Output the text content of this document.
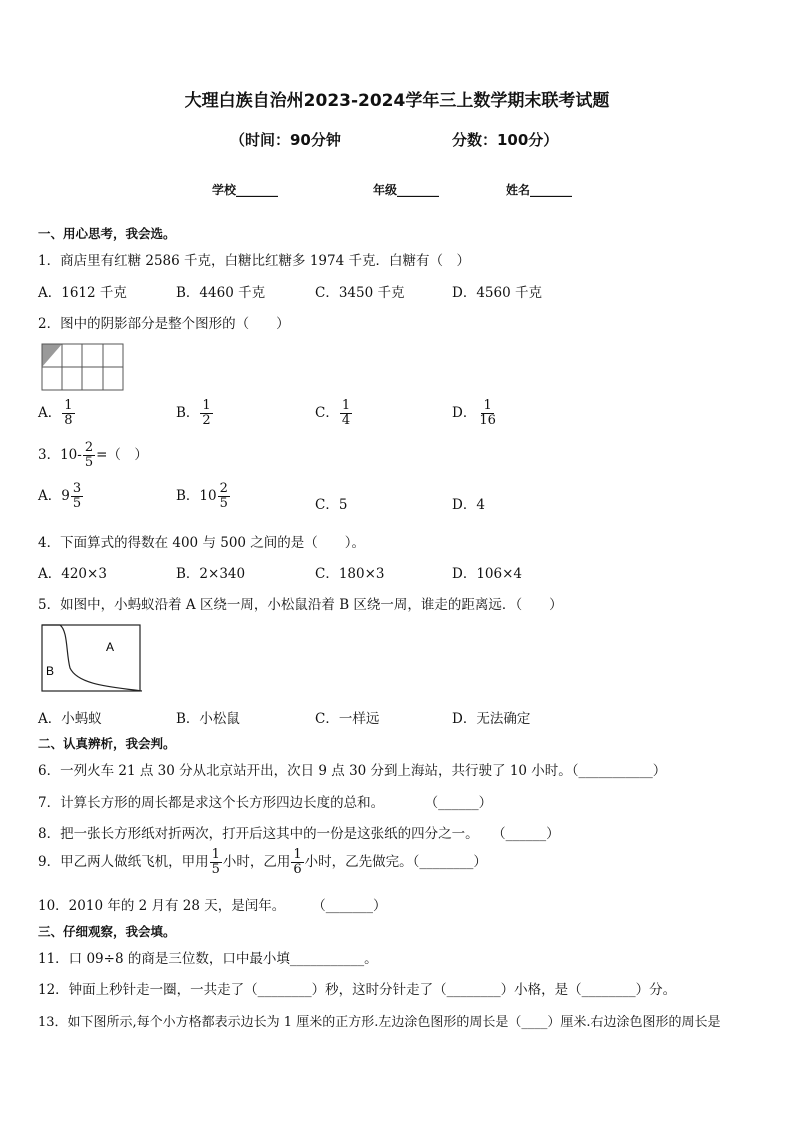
大理白族自治州2023-2024学年三上数学期末联考试题
（时间：90分钟	分数：100分）
学校_______	年级_______	姓名_______
一、用心思考，我会选。
1．商店里有红糖 2586 千克，白糖比红糖多 1974 千克．白糖有（　）
A．1612 千克	B．4460 千克	C．3450 千克	D．4560 千克
2．图中的阴影部分是整个图形的（　　）
A． $\frac{1}{8}$	B． $\frac{1}{2}$	C． $\frac{1}{4}$	D． $\frac{1}{16}$
3．$10- \frac{2}{5}$ =（　）
A．$9 \frac{3}{5}$	B．$10 \frac{2}{5}$	C．5	D．4
4．下面算式的得数在 400 与 500 之间的是（　　）。
A．420×3	B．2×340	C．180×3	D．106×4
5．如图中，小蚂蚁沿着 A 区绕一周，小松鼠沿着 B 区绕一周，谁走的距离远．（　　）
A
B
A．小蚂蚁	B．小松鼠	C．一样远	D．无法确定
二、认真辨析，我会判。
6．一列火车 21 点 30 分从北京站开出，次日 9 点 30 分到上海站，共行驶了 10 小时。（___________）
7．计算长方形的周长都是求这个长方形四边长度的总和。　　　　（______）
8．把一张长方形纸对折两次，打开后这其中的一份是这张纸的四分之一。　　（______）
9．甲乙两人做纸飞机，甲用 $\frac{1}{5}$ 小时，乙用 $\frac{1}{6}$ 小时，乙先做完。（________）
10．2010 年的 2 月有 28 天，是闰年。　　　（_______）
三、仔细观察，我会填。
11．口 09÷8 的商是三位数，口中最小填___________。
12．钟面上秒针走一圈，一共走了（________）秒，这时分针走了（________）小格，是（________）分。
13．如下图所示,每个小方格都表示边长为 1 厘米的正方形.左边涂色图形的周长是（____）厘米.右边涂色图形的周长是
